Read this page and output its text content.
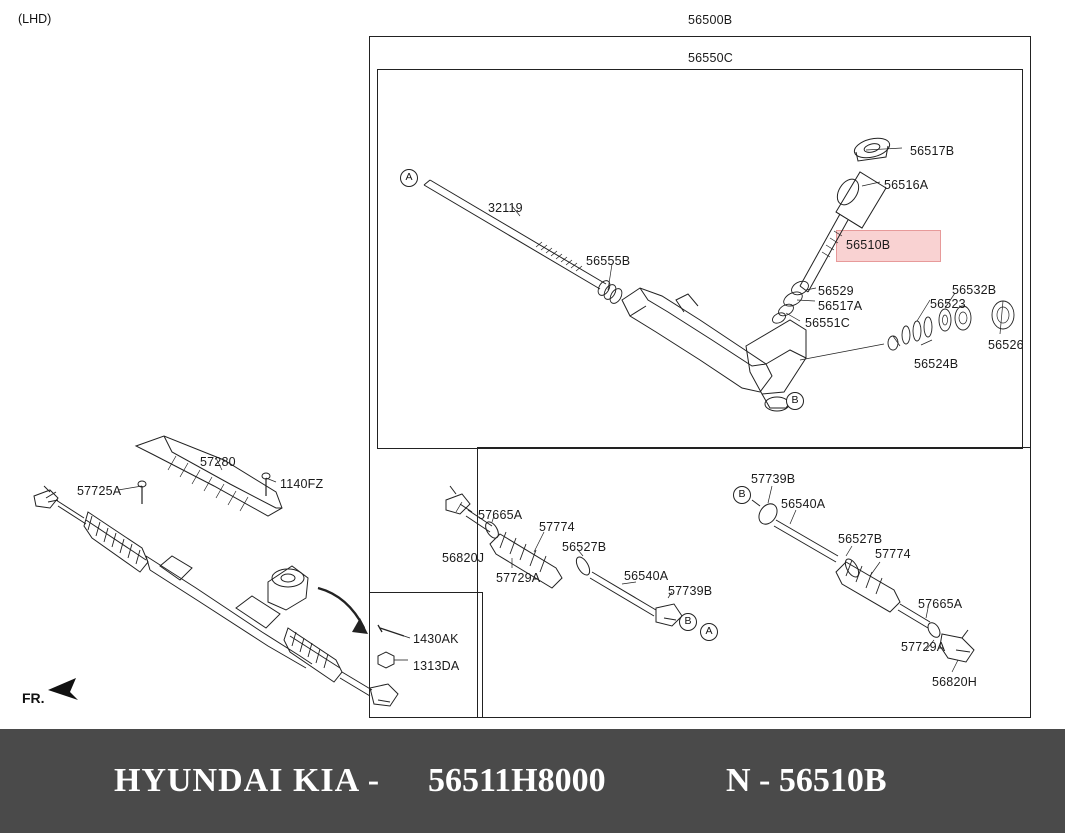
(LHD)
56510B
A
B
B
A
B
56500B
56550C
56517B
56516A
32119
56555B
56529
56517A
56551C
56532B
56523
56526
56524B
57280
1140FZ
57725A
1430AK
1313DA
57665A
57774
56527B
56820J
57729A	56540A
57739B
57739B
56540A
56527B
57774
57665A
57729A
56820H
FR.
HYUNDAI KIA - 56511H8000	N - 56510B
